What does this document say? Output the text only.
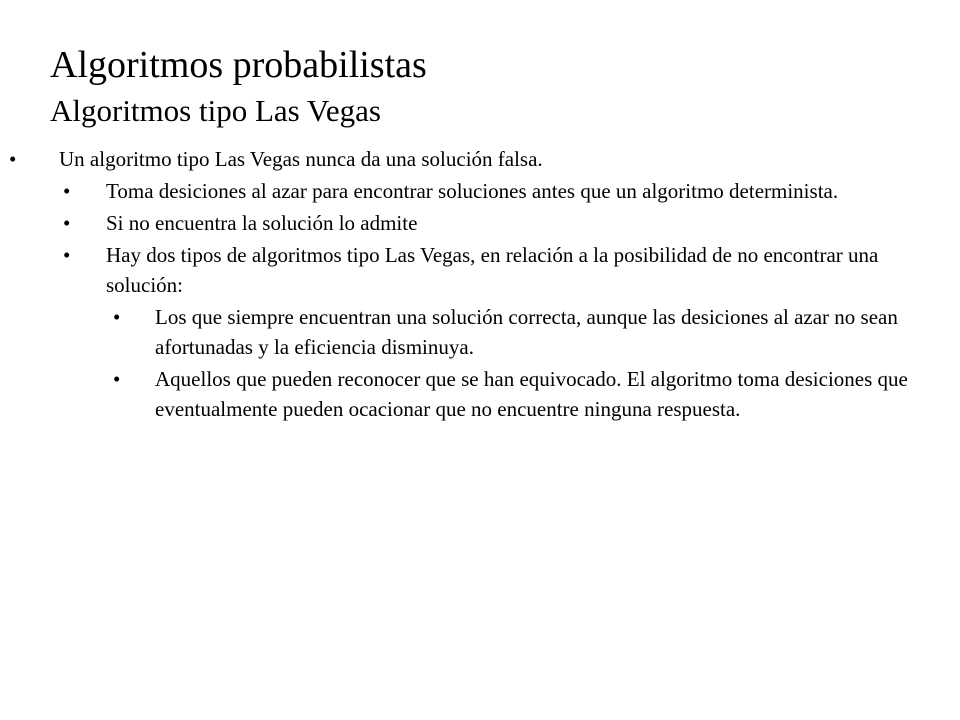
Algoritmos probabilistas
Algoritmos tipo Las Vegas
• Un algoritmo tipo Las Vegas nunca da una solución falsa.
• Toma desiciones al azar para encontrar soluciones antes que un algoritmo determinista.
• Si no encuentra la solución lo admite
• Hay dos tipos de algoritmos tipo Las Vegas, en relación a la posibilidad de no encontrar una solución:
• Los que siempre encuentran una solución correcta, aunque las desiciones al azar no sean afortunadas y la eficiencia disminuya.
• Aquellos que pueden reconocer que se han equivocado. El algoritmo toma desiciones que eventualmente pueden ocacionar que no encuentre ninguna respuesta.
